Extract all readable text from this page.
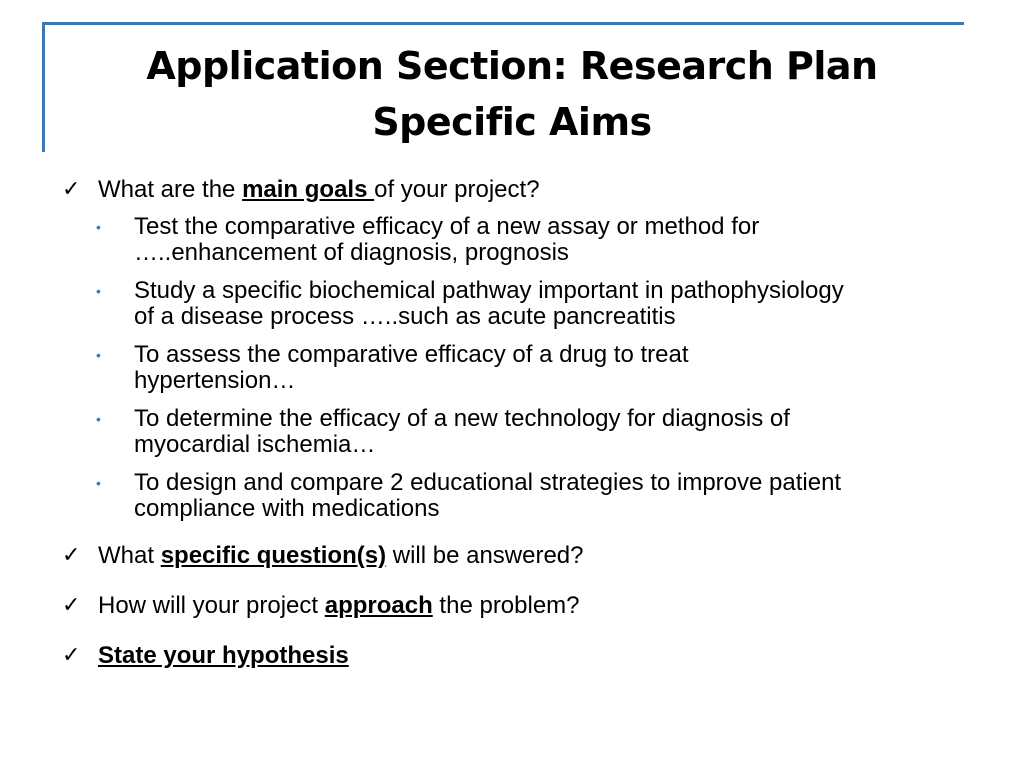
Application Section: Research Plan
Specific Aims
✓ What are the main goals of your project?
• Test the comparative efficacy of a new assay or method for
…..enhancement of diagnosis, prognosis
• Study a specific biochemical pathway important in pathophysiology
of a disease process …..such as acute pancreatitis
• To assess the comparative efficacy of a drug to treat
hypertension…
• To determine the efficacy of a new technology for diagnosis of
myocardial ischemia…
• To design and compare 2 educational strategies to improve patient
compliance with medications
✓ What specific question(s) will be answered?
✓ How will your project approach the problem?
✓ State your hypothesis
